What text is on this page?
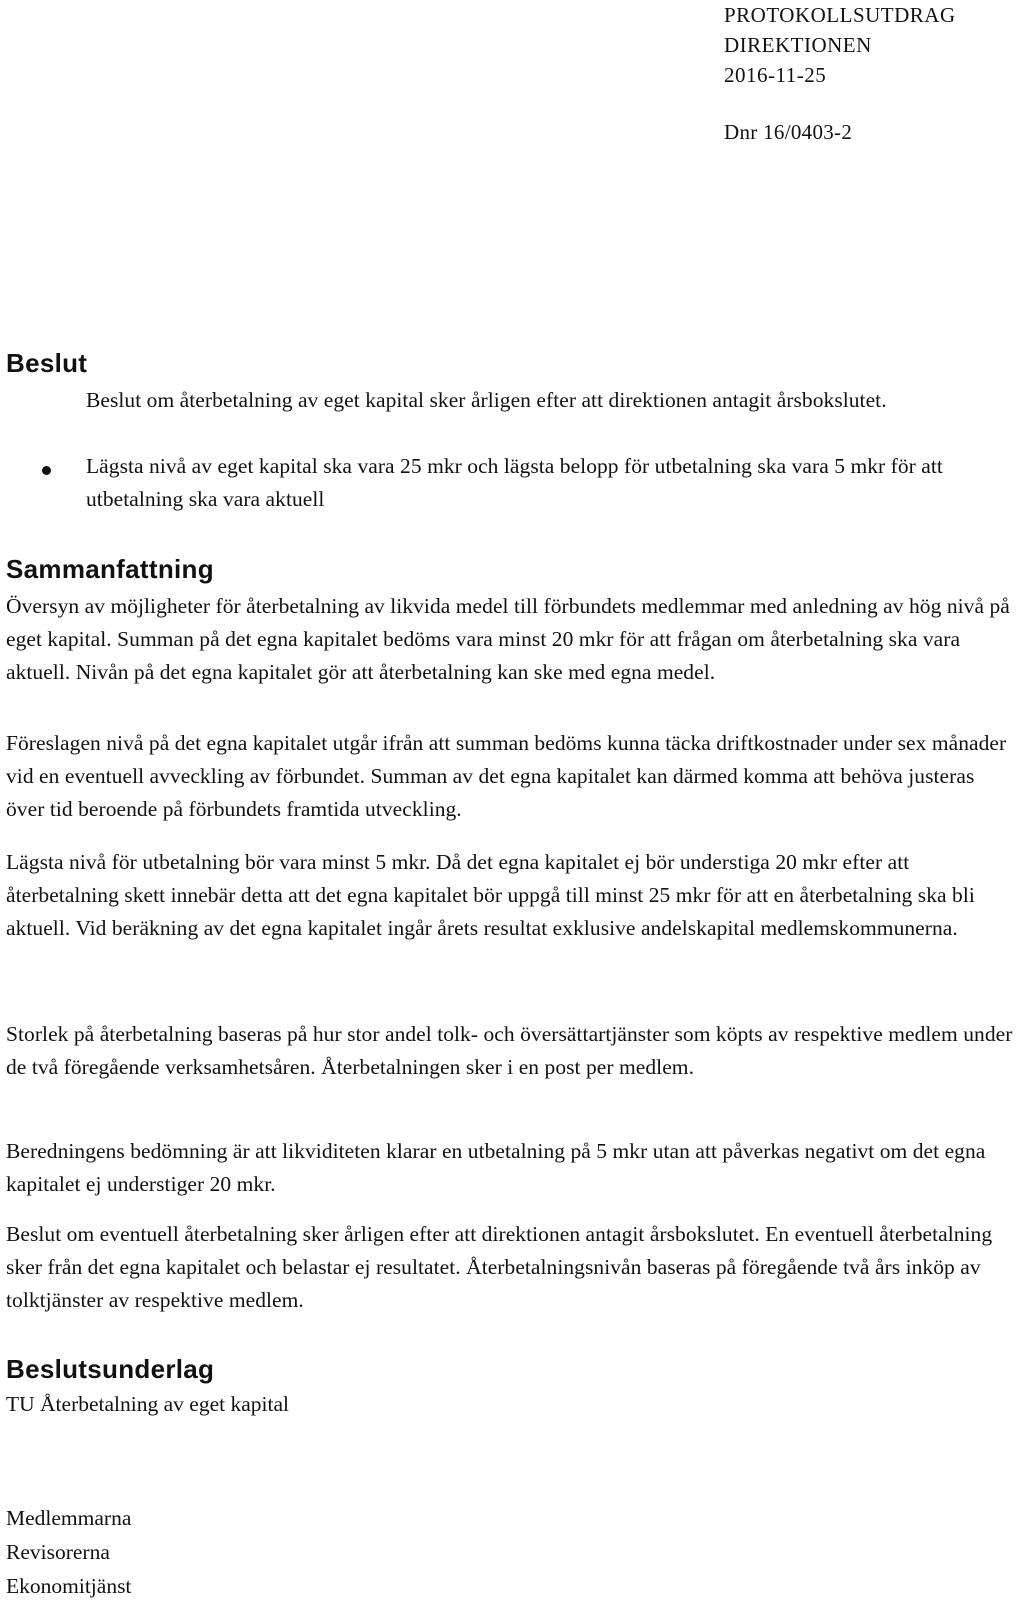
PROTOKOLLSUTDRAG
DIREKTIONEN
2016-11-25
Dnr 16/0403-2
Beslut
Beslut om återbetalning av eget kapital sker årligen efter att direktionen antagit årsbokslutet.
Lägsta nivå av eget kapital ska vara 25 mkr och lägsta belopp för utbetalning ska vara 5 mkr för att utbetalning ska vara aktuell
Sammanfattning
Översyn av möjligheter för återbetalning av likvida medel till förbundets medlemmar med anledning av hög nivå på eget kapital. Summan på det egna kapitalet bedöms vara minst 20 mkr för att frågan om återbetalning ska vara aktuell. Nivån på det egna kapitalet gör att återbetalning kan ske med egna medel.
Föreslagen nivå på det egna kapitalet utgår ifrån att summan bedöms kunna täcka driftkostnader under sex månader vid en eventuell avveckling av förbundet. Summan av det egna kapitalet kan därmed komma att behöva justeras över tid beroende på förbundets framtida utveckling.
Lägsta nivå för utbetalning bör vara minst 5 mkr. Då det egna kapitalet ej bör understiga 20 mkr efter att återbetalning skett innebär detta att det egna kapitalet bör uppgå till minst 25 mkr för att en återbetalning ska bli aktuell. Vid beräkning av det egna kapitalet ingår årets resultat exklusive andelskapital medlemskommunerna.
Storlek på återbetalning baseras på hur stor andel tolk- och översättartjänster som köpts av respektive medlem under de två föregående verksamhetsåren. Återbetalningen sker i en post per medlem.
Beredningens bedömning är att likviditeten klarar en utbetalning på 5 mkr utan att påverkas negativt om det egna kapitalet ej understiger 20 mkr.
Beslut om eventuell återbetalning sker årligen efter att direktionen antagit årsbokslutet. En eventuell återbetalning sker från det egna kapitalet och belastar ej resultatet. Återbetalningsnivån baseras på föregående två års inköp av tolktjänster av respektive medlem.
Beslutsunderlag
TU Återbetalning av eget kapital
Medlemmarna
Revisorerna
Ekonomitjänst
